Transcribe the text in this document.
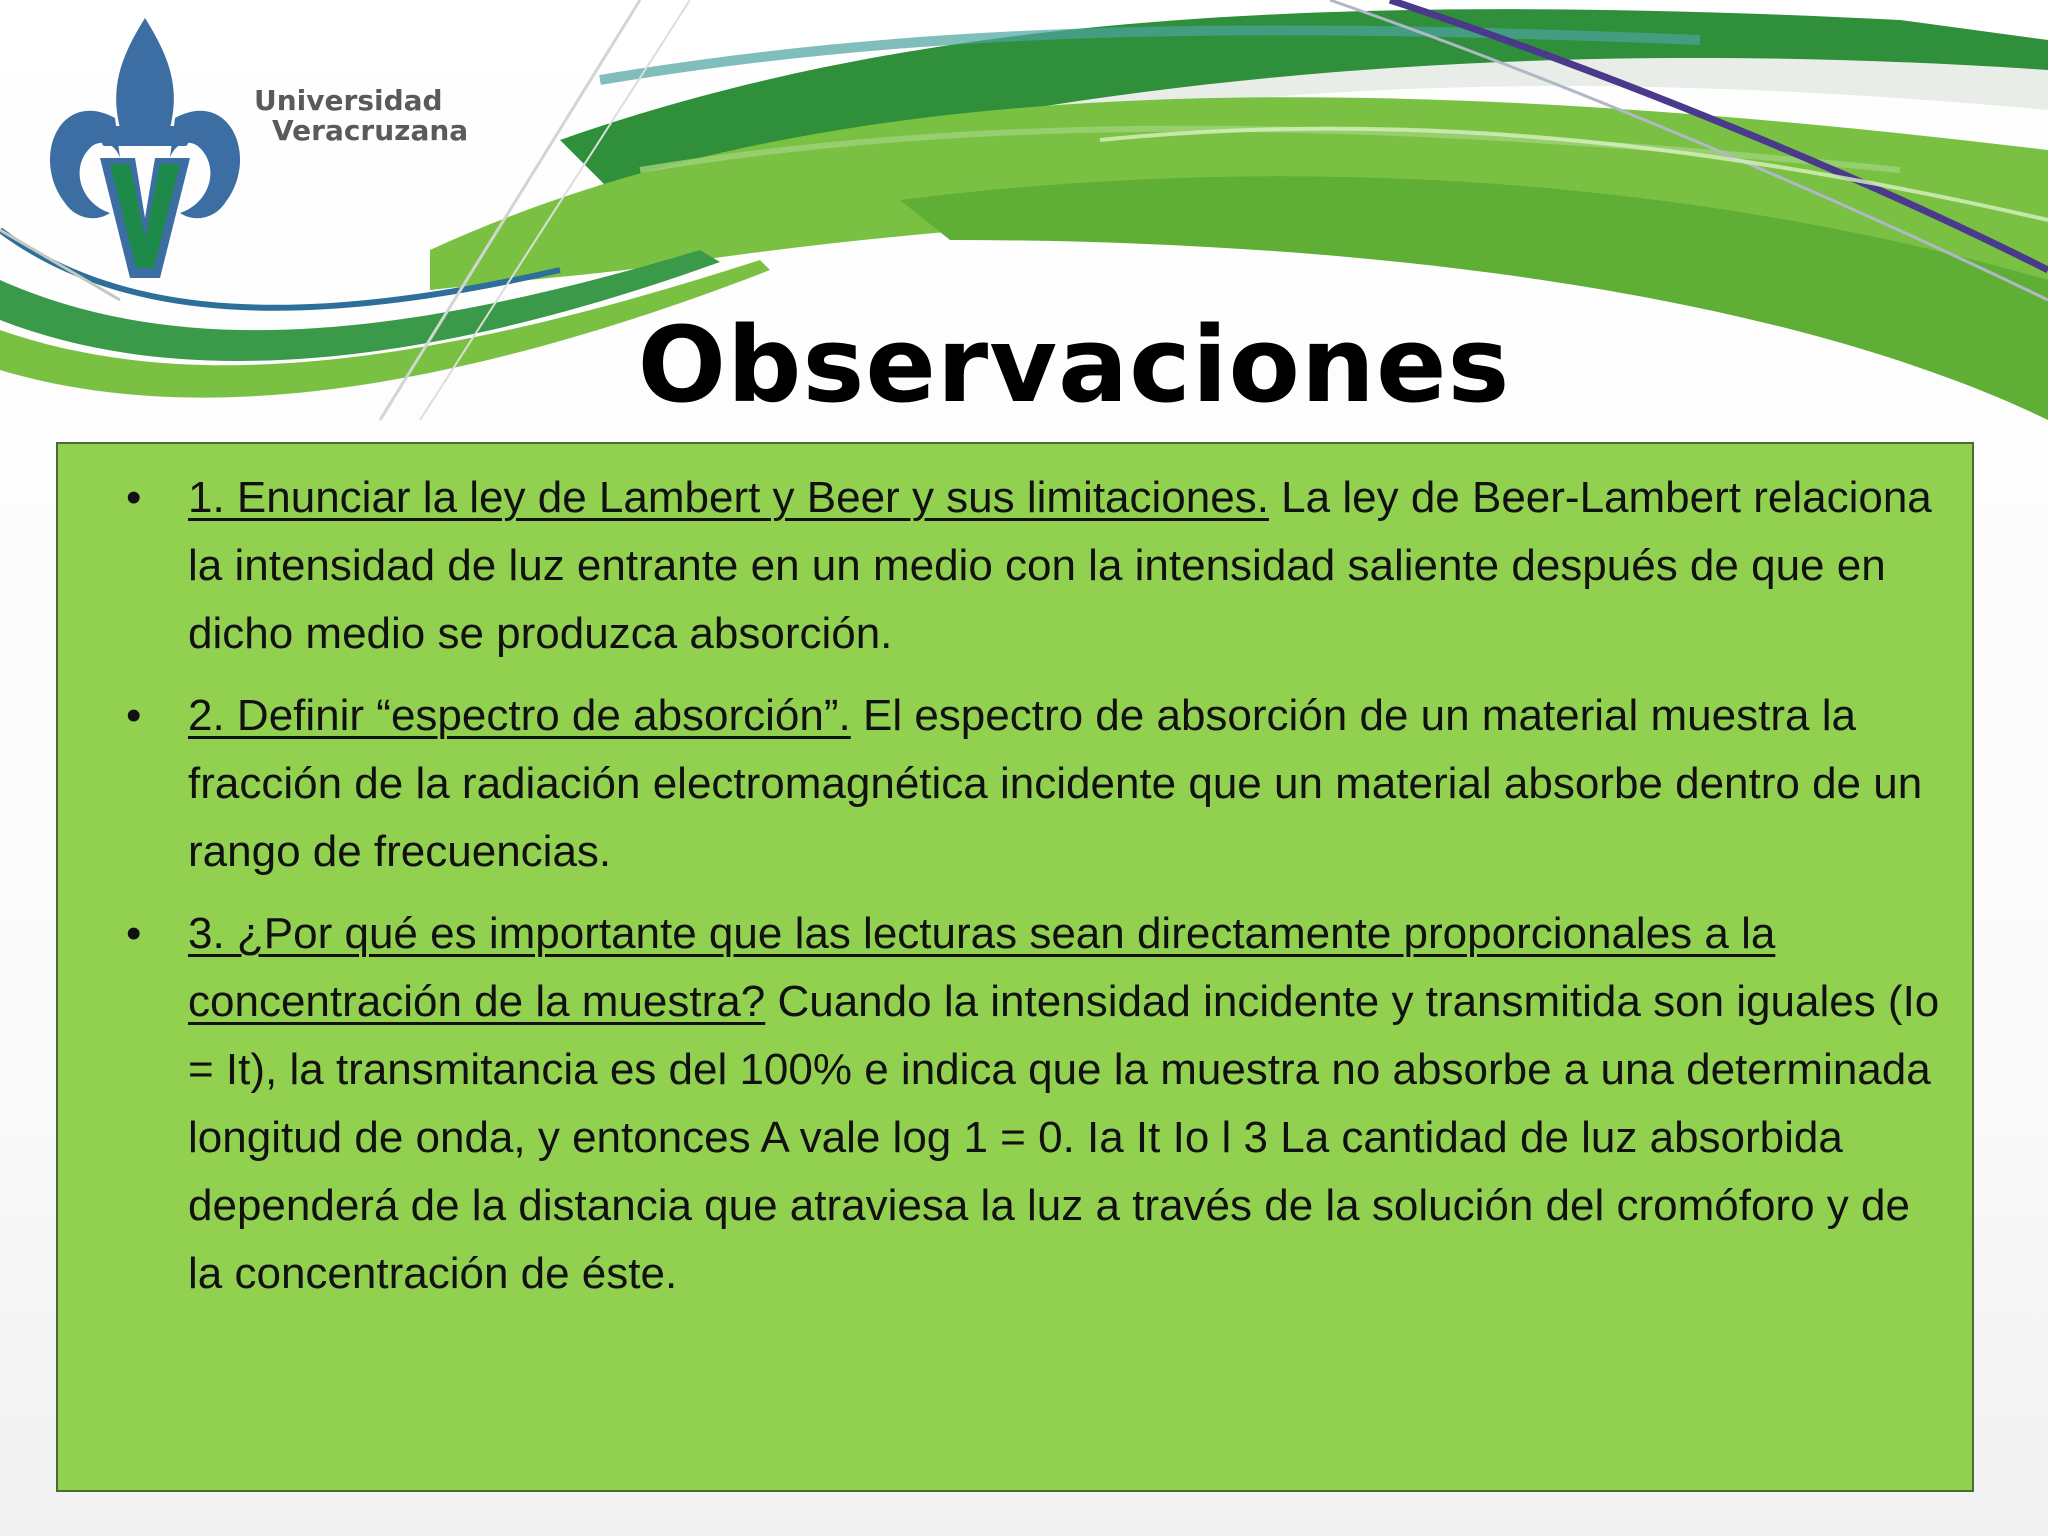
Universidad
Veracruzana
Observaciones
• 1. Enunciar la ley de Lambert y Beer y sus limitaciones. La ley de Beer-Lambert relaciona la intensidad de luz entrante en un medio con la intensidad saliente después de que en dicho medio se produzca absorción.
• 2. Definir “espectro de absorción”. El espectro de absorción de un material muestra la fracción de la radiación electromagnética incidente que un material absorbe dentro de un rango de frecuencias.
• 3. ¿Por qué es importante que las lecturas sean directamente proporcionales a la concentración de la muestra? Cuando la intensidad incidente y transmitida son iguales (Io = It), la transmitancia es del 100% e indica que la muestra no absorbe a una determinada longitud de onda, y entonces A vale log 1 = 0. Ia It Io l 3 La cantidad de luz absorbida dependerá de la distancia que atraviesa la luz a través de la solución del cromóforo y de la concentración de éste.
